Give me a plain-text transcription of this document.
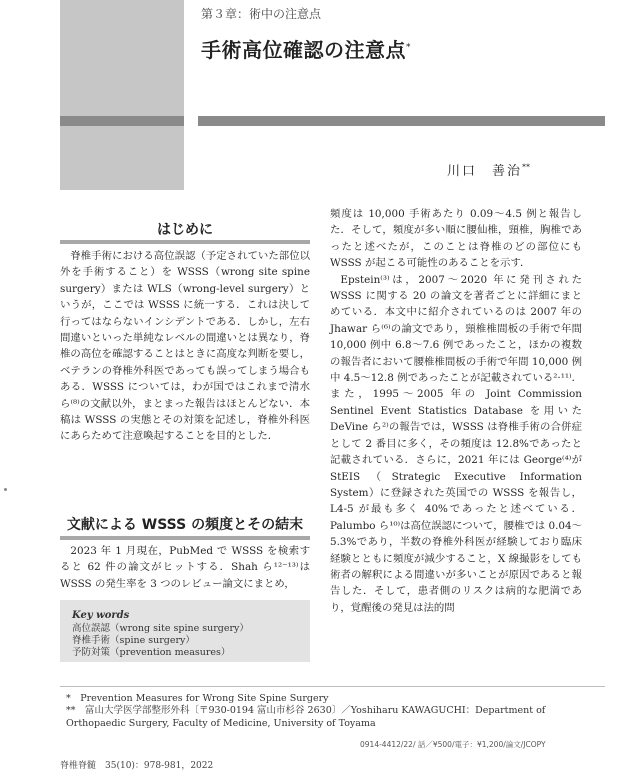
第３章：術中の注意点
手術高位確認の注意点*
川口　善治**
はじめに
脊椎手術における高位誤認（予定されていた部位以外を手術すること）を WSSS（wrong site spine surgery）または WLS（wrong-level surgery）というが，ここでは WSSS に統一する．これは決して行ってはならないインシデントである．しかし，左右間違いといった単純なレベルの間違いとは異なり，脊椎の高位を確認することはときに高度な判断を要し，ベテランの脊椎外科医であっても誤ってしまう場合もある．WSSS については，わが国ではこれまで清水ら⁽⁸⁾の文献以外，まとまった報告はほとんどない．本稿は WSSS の実態とその対策を記述し，脊椎外科医にあらためて注意喚起することを目的とした．
文献による WSSS の頻度とその結末
2023 年 1 月現在，PubMed で WSSS を検索すると 62 件の論文がヒットする．Shah ら¹²⁻¹³⁾は WSSS の発生率を 3 つのレビュー論文にまとめ，
Key words
高位誤認（wrong site spine surgery）
脊椎手術（spine surgery）
予防対策（prevention measures）

頻度は 10,000 手術あたり 0.09～4.5 例と報告した．そして，頻度が多い順に腰仙椎，頸椎，胸椎であったと述べたが，このことは脊椎のどの部位にも WSSS が起こる可能性のあることを示す．

Epstein⁽³⁾は，2007～2020 年に発刊された WSSS に関する 20 の論文を著者ごとに詳細にまとめている．本文中に紹介されているのは 2007 年の Jhawar ら⁽⁶⁾の論文であり，頸椎椎間板の手術で年間 10,000 例中 6.8～7.6 例であったこと，ほかの複数の報告者において腰椎椎間板の手術で年間 10,000 例中 4.5～12.8 例であったことが記載されている²·¹¹⁾．また，1995～2005 年の Joint Commission Sentinel Event Statistics Database を用いた DeVine ら²⁾の報告では，WSSS は脊椎手術の合併症として 2 番目に多く，その頻度は 12.8%であったと記載されている．さらに，2021 年には George⁽⁴⁾が StEIS（Strategic Executive Information System）に登録された英国での WSSS を報告し，L4-5 が最も多く 40%であったと述べている．Palumbo ら¹⁰⁾は高位誤認について，腰椎では 0.04～5.3%であり，半数の脊椎外科医が経験しており臨床経験とともに頻度が減少すること，X 線撮影をしても術者の解釈による間違いが多いことが原因であると報告した．そして，患者側のリスクは病的な肥満であり，覚醒後の発見は法的問

*　Prevention Measures for Wrong Site Spine Surgery
**　富山大学医学部整形外科〔〒930-0194 富山市杉谷 2630〕／Yoshiharu KAWAGUCHI：Department of Orthopaedic Surgery, Faculty of Medicine, University of Toyama
0914-4412/22/ 話／¥500/電子：¥1,200/論文/JCOPY
脊椎脊髄　35(10)：978-981，2022
